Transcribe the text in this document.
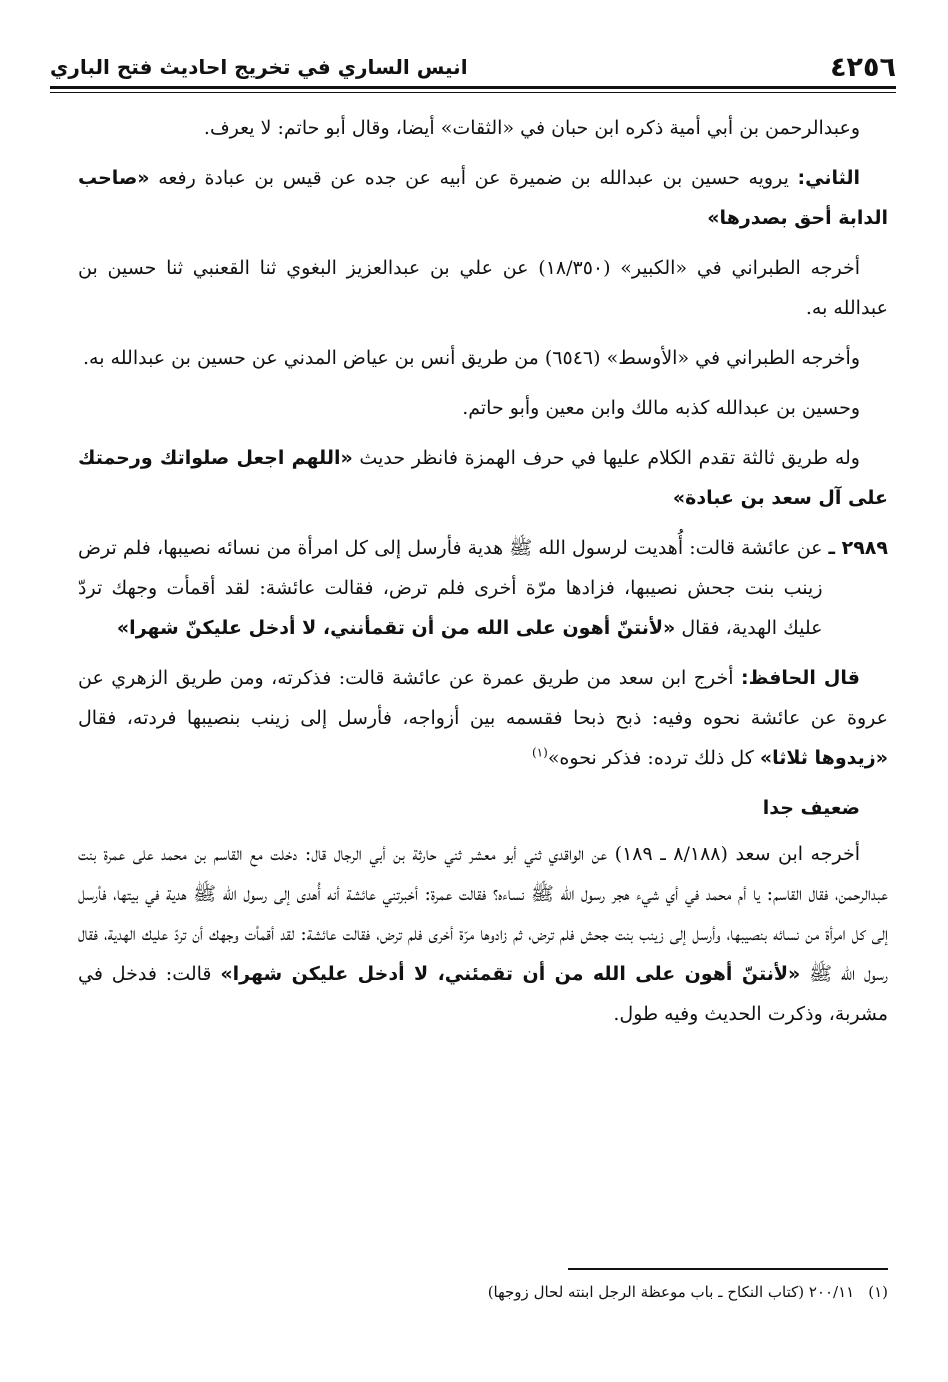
٤٢٥٦
انيس الساري في تخريج احاديث فتح الباري

وعبدالرحمن بن أبي أمية ذكره ابن حبان في «الثقات» أيضا، وقال أبو حاتم: لا يعرف.

الثاني: يرويه حسين بن عبدالله بن ضميرة عن أبيه عن جده عن قيس بن عبادة رفعه «صاحب الدابة أحق بصدرها»

أخرجه الطبراني في «الكبير» (١٨/٣٥٠) عن علي بن عبدالعزيز البغوي ثنا القعنبي ثنا حسين بن عبدالله به.

وأخرجه الطبراني في «الأوسط» (٦٥٤٦) من طريق أنس بن عياض المدني عن حسين بن عبدالله به.

وحسين بن عبدالله كذبه مالك وابن معين وأبو حاتم.

وله طريق ثالثة تقدم الكلام عليها في حرف الهمزة فانظر حديث «اللهم اجعل صلواتك ورحمتك على آل سعد بن عبادة»

٢٩٨٩ ـ
عن عائشة قالت: أُهديت لرسول الله ﷺ هدية فأرسل إلى كل امرأة من نسائه نصيبها، فلم ترض زينب بنت جحش نصيبها، فزادها مرّة أخرى فلم ترض، فقالت عائشة: لقد أقمأت وجهك تردّ عليك الهدية، فقال «لأنتنّ أهون على الله من أن تقمأنني، لا أدخل عليكنّ شهرا»

قال الحافظ: أخرج ابن سعد من طريق عمرة عن عائشة قالت: فذكرته، ومن طريق الزهري عن عروة عن عائشة نحوه وفيه: ذبح ذبحا فقسمه بين أزواجه، فأرسل إلى زينب بنصيبها فردته، فقال «زيدوها ثلاثا» كل ذلك ترده: فذكر نحوه»$^{(١)}$

ضعيف جدا

أخرجه ابن سعد (٨/١٨٨ ـ ١٨٩) عن الواقدي ثني أبو معشر ثني حارثة بن أبي الرجال قال: دخلت مع القاسم بن محمد على عمرة بنت عبدالرحمن، فقال القاسم: يا أم محمد في أي شيء هجر رسول الله ﷺ نساءه؟ فقالت عمرة: أخبرتني عائشة أنه أُهدى إلى رسول الله ﷺ هدية في بيتها، فأرسل إلى كل امرأة من نسائه بنصيبها، وأرسل إلى زينب بنت جحش فلم ترض، ثم زادوها مرّة أخرى فلم ترض، فقالت عائشة: لقد أقمأت وجهك أن تردّ عليك الهدية، فقال رسول الله ﷺ «لأنتنّ أهون على الله من أن تقمئني، لا أدخل عليكن شهرا» قالت: فدخل في مشربة، وذكرت الحديث وفيه طول.

(١)
٢٠٠/١١ (كتاب النكاح ـ باب موعظة الرجل ابنته لحال زوجها)
